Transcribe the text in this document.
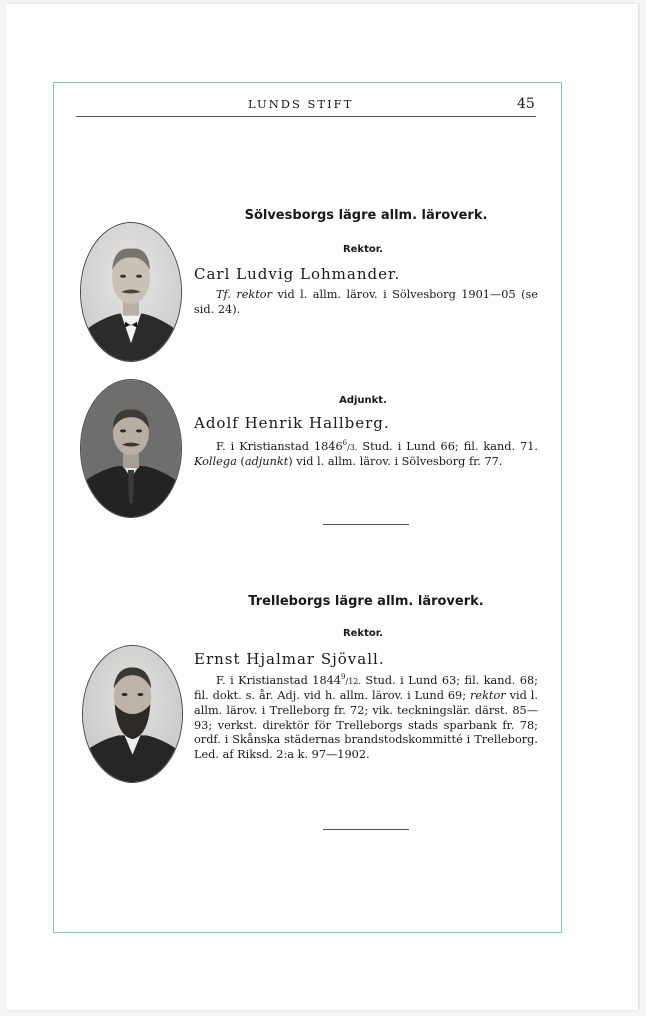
LUNDS STIFT	45
Sölvesborgs lägre allm. läroverk.
Rektor.
Carl Ludvig Lohmander.
Tf. rektor vid l. allm. lärov. i Sölvesborg 1901—05 (se sid. 24).
Adjunkt.
Adolf Henrik Hallberg.
F. i Kristianstad 1846$^6$/3. Stud. i Lund 66; fil. kand. 71. Kollega (adjunkt) vid l. allm. lärov. i Sölvesborg fr. 77.
Trelleborgs lägre allm. läroverk.
Rektor.
Ernst Hjalmar Sjövall.
F. i Kristianstad 1844$^9$/12. Stud. i Lund 63; fil. kand. 68; fil. dokt. s. år. Adj. vid h. allm. lärov. i Lund 69; rektor vid l. allm. lärov. i Trelleborg fr. 72; vik. teckningslär. därst. 85—93; verkst. direktör för Trelleborgs stads sparbank fr. 78; ordf. i Skånska städernas brandstodskommitté i Trelleborg. Led. af Riksd. 2:a k. 97—1902.
